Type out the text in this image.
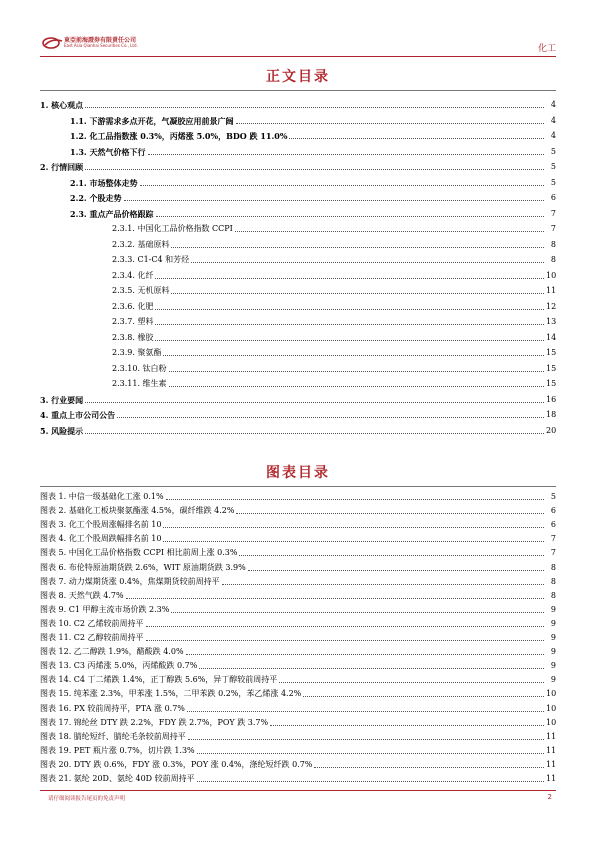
東亞前海證券有限責任公司
East Asia Qianhai Securities Co., Ltd.	化工
正文目录
1. 核心观点	4
1.1. 下游需求多点开花，气凝胶应用前景广阔	4
1.2. 化工品指数涨 0.3%，丙烯涨 5.0%，BDO 跌 11.0%	4
1.3. 天然气价格下行	5
2. 行情回顾	5
2.1. 市场整体走势	5
2.2. 个股走势	6
2.3. 重点产品价格跟踪	7
2.3.1. 中国化工品价格指数 CCPI	7
2.3.2. 基础原料	8
2.3.3. C1-C4 和芳烃	8
2.3.4. 化纤	10
2.3.5. 无机原料	11
2.3.6. 化肥	12
2.3.7. 塑料	13
2.3.8. 橡胶	14
2.3.9. 聚氨酯	15
2.3.10. 钛白粉	15
2.3.11. 维生素	15
3. 行业要闻	16
4. 重点上市公司公告	18
5. 风险提示	20
图表目录
图表 1. 中信一级基础化工涨 0.1%	5
图表 2. 基础化工板块聚氨酯涨 4.5%，碳纤维跌 4.2%	6
图表 3. 化工个股周涨幅排名前 10	6
图表 4. 化工个股周跌幅排名前 10	7
图表 5. 中国化工品价格指数 CCPI 相比前周上涨 0.3%	7
图表 6. 布伦特原油期货跌 2.6%，WIT 原油期货跌 3.9%	8
图表 7. 动力煤期货涨 0.4%，焦煤期货较前周持平	8
图表 8. 天然气跌 4.7%	8
图表 9. C1 甲醇主流市场价跌 2.3%	9
图表 10. C2 乙烯较前周持平	9
图表 11. C2 乙醇较前周持平	9
图表 12. 乙二醇跌 1.9%，醋酸跌 4.0%	9
图表 13. C3 丙烯涨 5.0%，丙烯酸跌 0.7%	9
图表 14. C4 丁二烯跌 1.4%，正丁醇跌 5.6%，异丁醇较前周持平	9
图表 15. 纯苯涨 2.3%，甲苯涨 1.5%，二甲苯跌 0.2%，苯乙烯涨 4.2%	10
图表 16. PX 较前周持平，PTA 涨 0.7%	10
图表 17. 锦纶丝 DTY 跌 2.2%，FDY 跌 2.7%，POY 跌 3.7%	10
图表 18. 腈纶短纤、腈纶毛条较前周持平	11
图表 19. PET 瓶片涨 0.7%，切片跌 1.3%	11
图表 20. DTY 跌 0.6%，FDY 涨 0.3%，POY 涨 0.4%，涤纶短纤跌 0.7%	11
图表 21. 氨纶 20D、氨纶 40D 较前周持平	11
请仔细阅读报告尾页的免责声明	2
